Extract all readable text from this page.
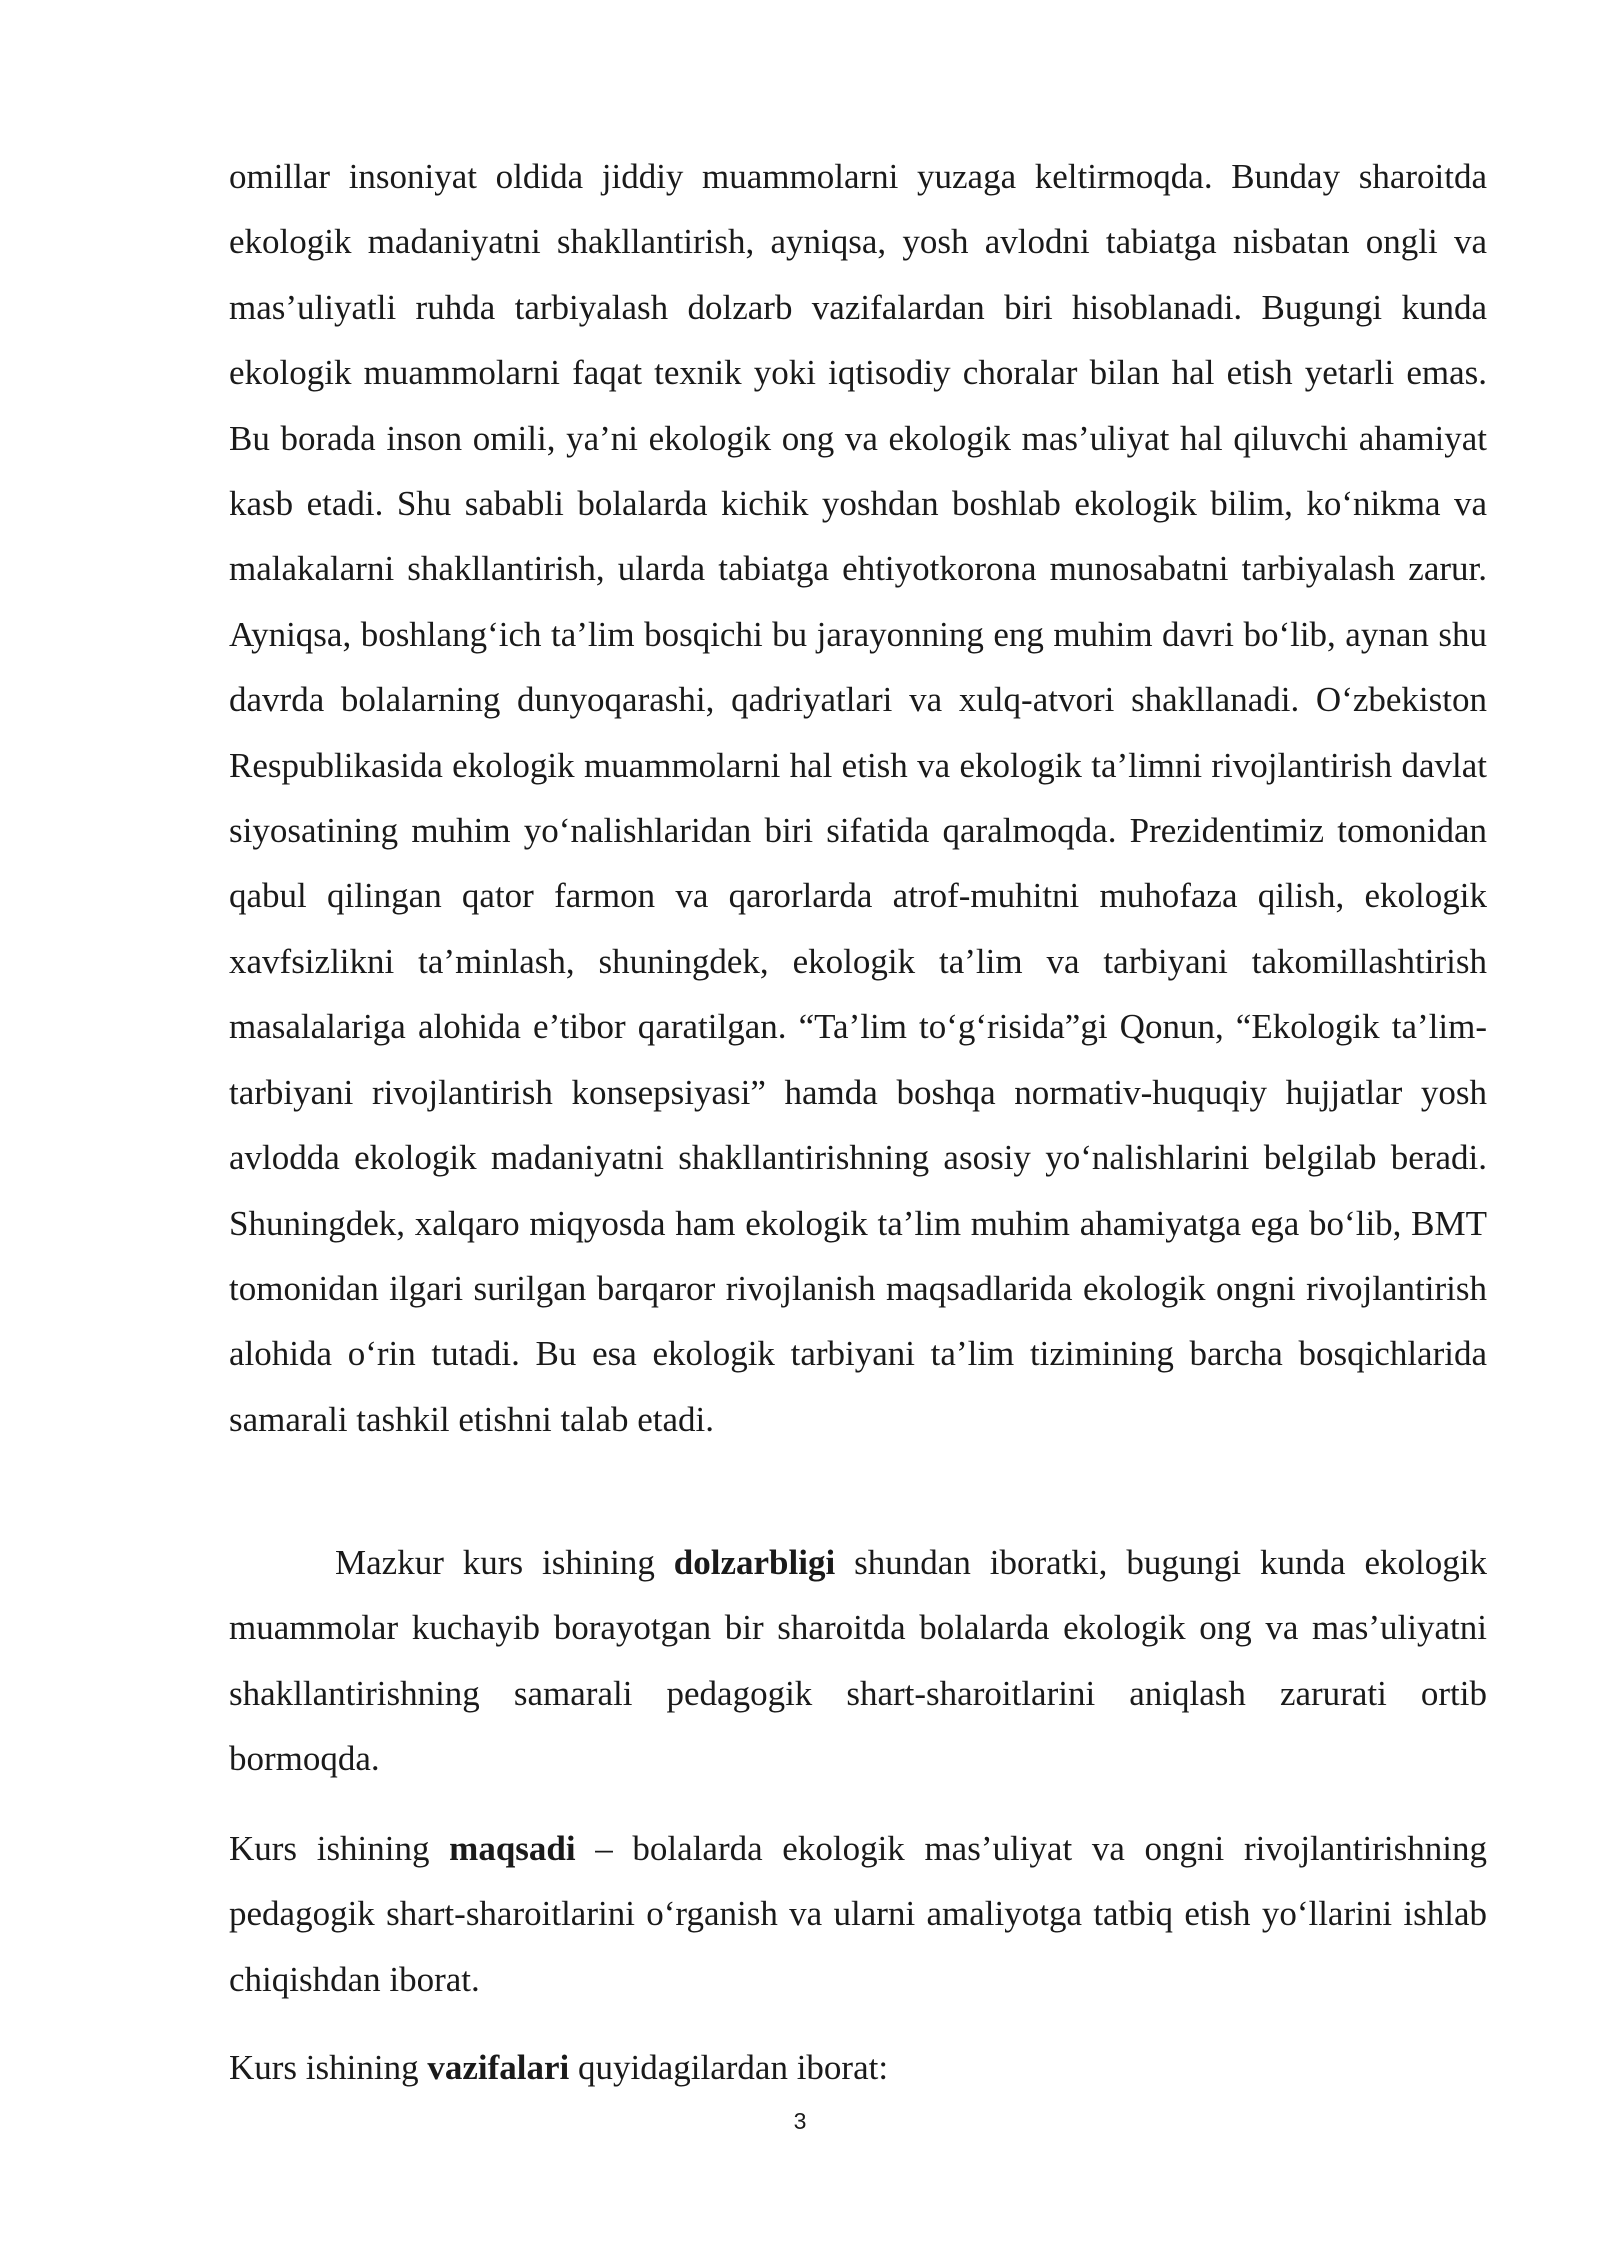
omillar insoniyat oldida jiddiy muammolarni yuzaga keltirmoqda. Bunday sharoitda ekologik madaniyatni shakllantirish, ayniqsa, yosh avlodni tabiatga nisbatan ongli va mas’uliyatli ruhda tarbiyalash dolzarb vazifalardan biri hisoblanadi. Bugungi kunda ekologik muammolarni faqat texnik yoki iqtisodiy choralar bilan hal etish yetarli emas. Bu borada inson omili, ya’ni ekologik ong va ekologik mas’uliyat hal qiluvchi ahamiyat kasb etadi. Shu sababli bolalarda kichik yoshdan boshlab ekologik bilim, ko‘nikma va malakalarni shakllantirish, ularda tabiatga ehtiyotkorona munosabatni tarbiyalash zarur. Ayniqsa, boshlang‘ich ta’lim bosqichi bu jarayonning eng muhim davri bo‘lib, aynan shu davrda bolalarning dunyoqarashi, qadriyatlari va xulq-atvori shakllanadi. O‘zbekiston Respublikasida ekologik muammolarni hal etish va ekologik ta’limni rivojlantirish davlat siyosatining muhim yo‘nalishlaridan biri sifatida qaralmoqda. Prezidentimiz tomonidan qabul qilingan qator farmon va qarorlarda atrof-muhitni muhofaza qilish, ekologik xavfsizlikni ta’minlash, shuningdek, ekologik ta’lim va tarbiyani takomillashtirish masalalariga alohida e’tibor qaratilgan. “Ta’lim to‘g‘risida”gi Qonun, “Ekologik ta’lim-tarbiyani rivojlantirish konsepsiyasi” hamda boshqa normativ-huquqiy hujjatlar yosh avlodda ekologik madaniyatni shakllantirishning asosiy yo‘nalishlarini belgilab beradi. Shuningdek, xalqaro miqyosda ham ekologik ta’lim muhim ahamiyatga ega bo‘lib, BMT tomonidan ilgari surilgan barqaror rivojlanish maqsadlarida ekologik ongni rivojlantirish alohida o‘rin tutadi. Bu esa ekologik tarbiyani ta’lim tizimining barcha bosqichlarida samarali tashkil etishni talab etadi.

Mazkur kurs ishining dolzarbligi shundan iboratki, bugungi kunda ekologik muammolar kuchayib borayotgan bir sharoitda bolalarda ekologik ong va mas’uliyatni shakllantirishning samarali pedagogik shart-sharoitlarini aniqlash zarurati ortib bormoqda.

Kurs ishining maqsadi – bolalarda ekologik mas’uliyat va ongni rivojlantirishning pedagogik shart-sharoitlarini o‘rganish va ularni amaliyotga tatbiq etish yo‘llarini ishlab chiqishdan iborat.

Kurs ishining vazifalari quyidagilardan iborat:

3
